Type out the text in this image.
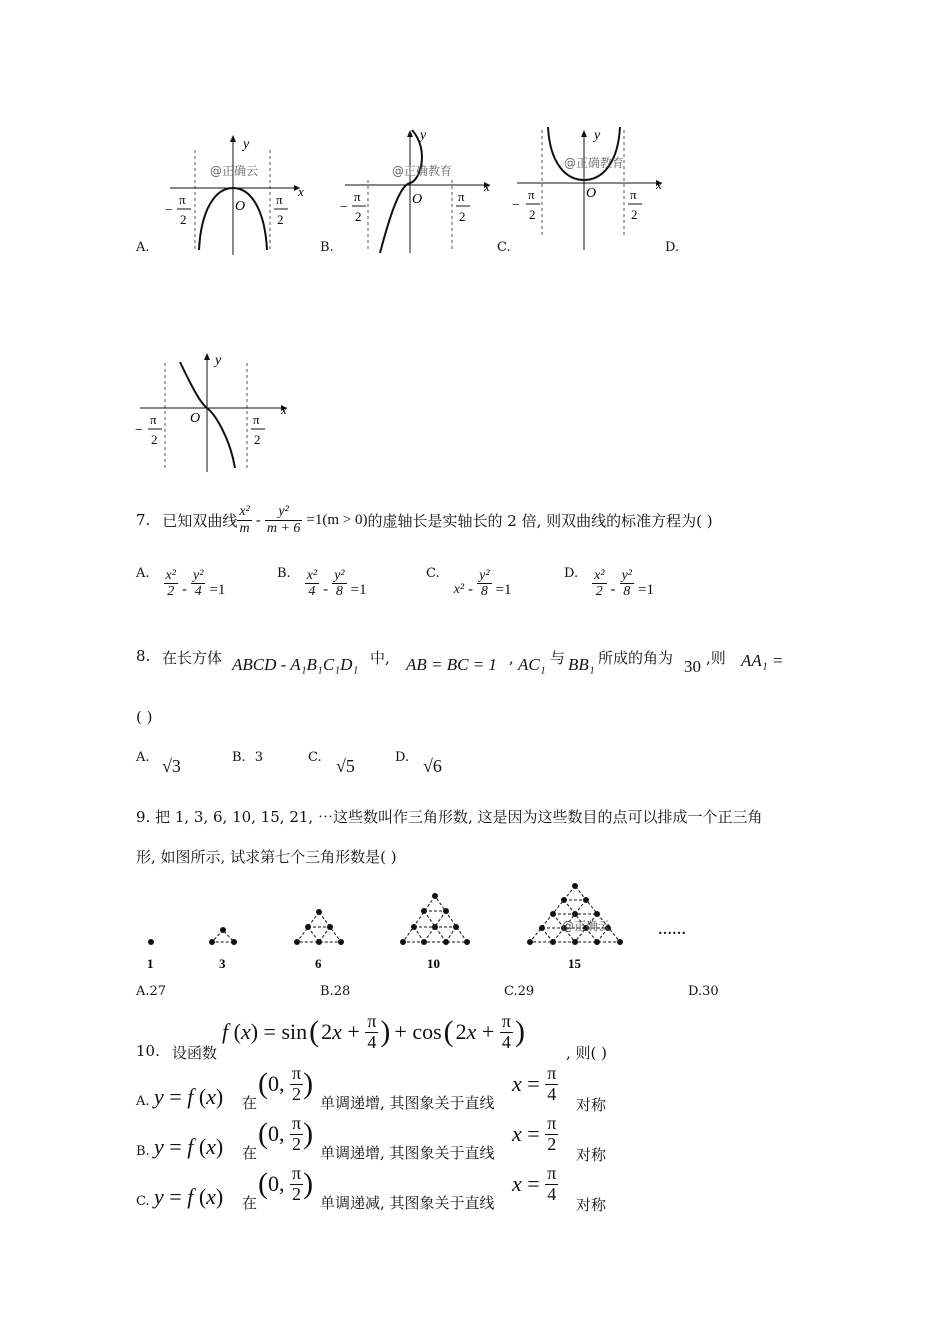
y
x
O
@正确云
−
π
2
π
2
A.
y
x
O
@正确教育
−
π
2
π
2
B.
y
x
O
@正确教育
−
π
2
π
2
C.	D.
y
x
O
−
π
2
π
2
7. 已知双曲线 $\frac{\text{x²}}{m} - \frac{\text{y²}}{m + 6} =1$ (m > 0) 的虚轴长是实轴长的 2 倍, 则双曲线的标准方程为( )
A. $\frac{\text{x²}}{2} - \frac{\text{y²}}{4} =1$
B. $\frac{\text{x²}}{4} - \frac{\text{y²}}{8} =1$
C.
$x^2 - \frac{\text{y²}}{8} =1$
D. $\frac{\text{x²}}{2} - \frac{\text{y²}}{8} =1$
8. 在长方体 ABCD - A₁B₁C₁D₁ 中, AB = BC = 1 , AC₁ 与 BB₁ 所成的角为 30 ,则 AA₁ =
( )
A. √3	B. 3	C. √5	D. √6
9. 把 1, 3, 6, 10, 15, 21, ⋯这些数叫作三角形数, 这是因为这些数目的点可以排成一个正三角
形, 如图所示, 试求第七个三角形数是( )
1	3	6	10	15
@正确云	……
A.27	B.28	C.29	D.30
10. 设函数
f ( x ) = sin ( 2 $x + \frac{\pi}{4}$ ) + cos ( 2 $x + \frac{\pi}{4}$ )
, 则( )
A. y = f (x) 在
( 0, $\frac{\pi}{2}$ )
单调递增, 其图象关于直线
$x = \frac{\pi}{4}$
对称
B. y = f (x) 在
( 0, $\frac{\pi}{2}$ )
单调递增, 其图象关于直线
$x = \frac{\pi}{2}$
对称
C. y = f (x) 在
( 0, $\frac{\pi}{2}$ )
单调递减, 其图象关于直线
$x = \frac{\pi}{4}$
对称
